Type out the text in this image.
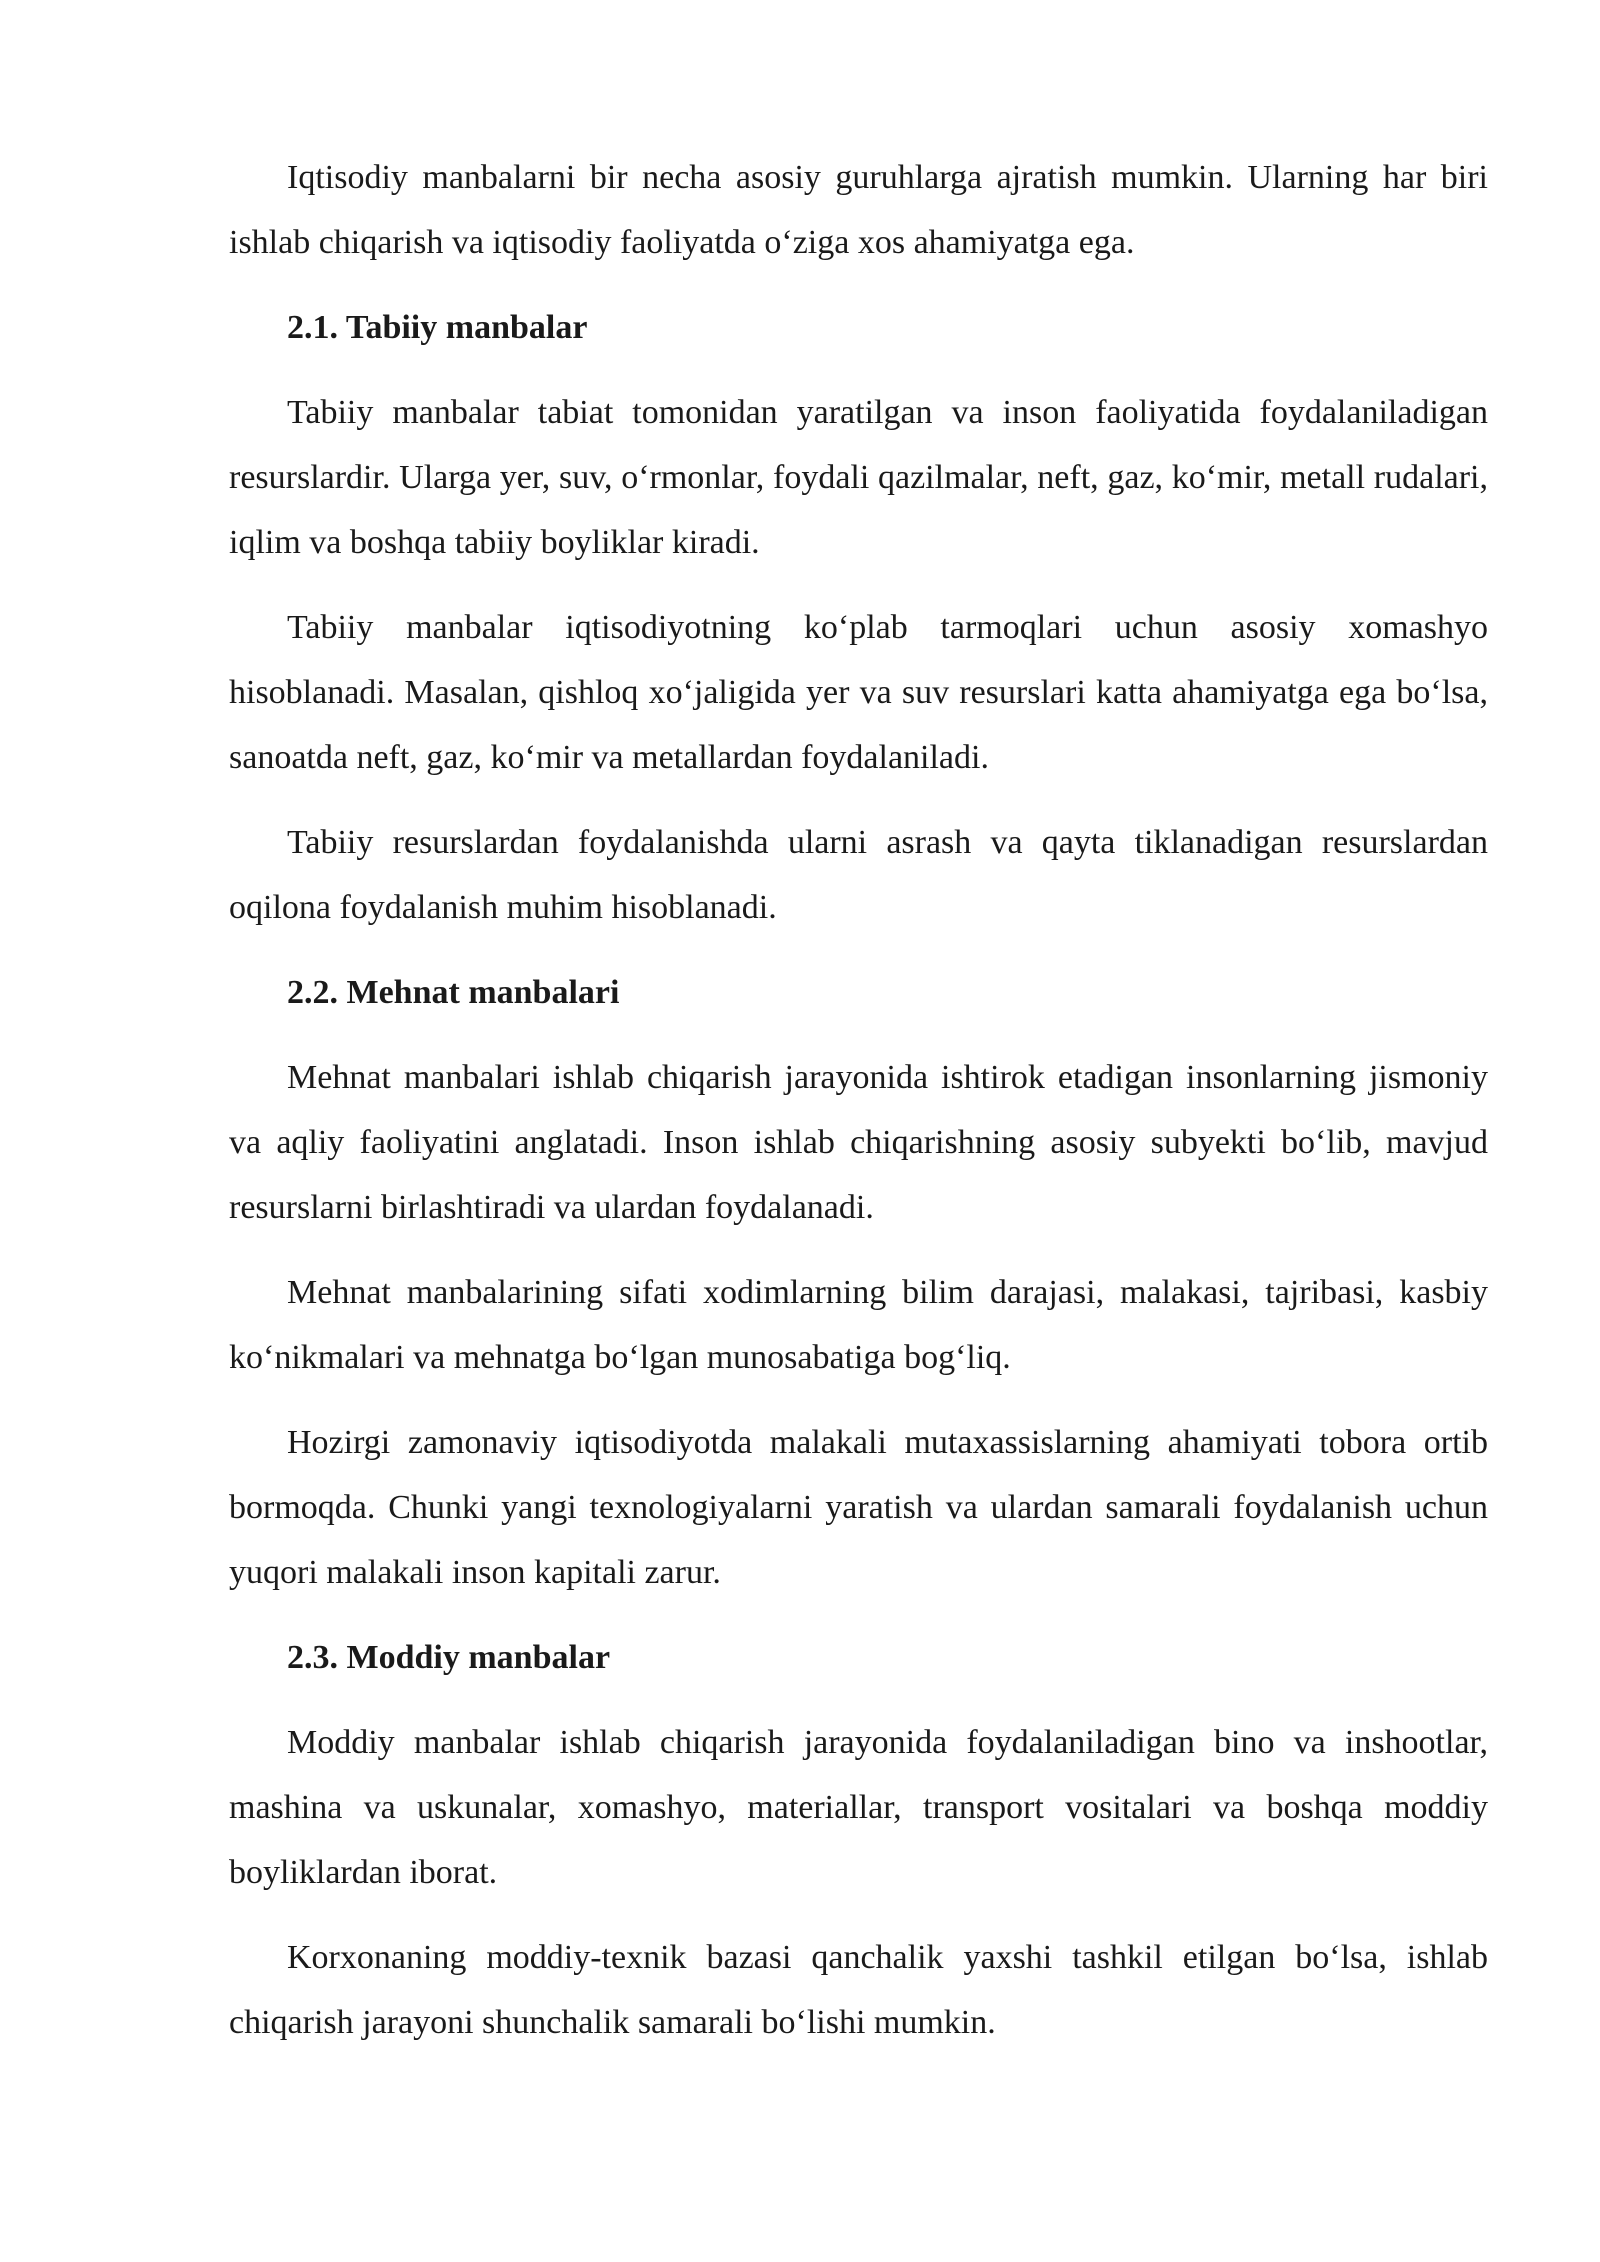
Iqtisodiy manbalarni bir necha asosiy guruhlarga ajratish mumkin. Ularning har biri ishlab chiqarish va iqtisodiy faoliyatda o‘ziga xos ahamiyatga ega.

2.1. Tabiiy manbalar

Tabiiy manbalar tabiat tomonidan yaratilgan va inson faoliyatida foydalaniladigan resurslardir. Ularga yer, suv, o‘rmonlar, foydali qazilmalar, neft, gaz, ko‘mir, metall rudalari, iqlim va boshqa tabiiy boyliklar kiradi.

Tabiiy manbalar iqtisodiyotning ko‘plab tarmoqlari uchun asosiy xomashyo hisoblanadi. Masalan, qishloq xo‘jaligida yer va suv resurslari katta ahamiyatga ega bo‘lsa, sanoatda neft, gaz, ko‘mir va metallardan foydalaniladi.

Tabiiy resurslardan foydalanishda ularni asrash va qayta tiklanadigan resurslardan oqilona foydalanish muhim hisoblanadi.

2.2. Mehnat manbalari

Mehnat manbalari ishlab chiqarish jarayonida ishtirok etadigan insonlarning jismoniy va aqliy faoliyatini anglatadi. Inson ishlab chiqarishning asosiy subyekti bo‘lib, mavjud resurslarni birlashtiradi va ulardan foydalanadi.

Mehnat manbalarining sifati xodimlarning bilim darajasi, malakasi, tajribasi, kasbiy ko‘nikmalari va mehnatga bo‘lgan munosabatiga bog‘liq.

Hozirgi zamonaviy iqtisodiyotda malakali mutaxassislarning ahamiyati tobora ortib bormoqda. Chunki yangi texnologiyalarni yaratish va ulardan samarali foydalanish uchun yuqori malakali inson kapitali zarur.

2.3. Moddiy manbalar

Moddiy manbalar ishlab chiqarish jarayonida foydalaniladigan bino va inshootlar, mashina va uskunalar, xomashyo, materiallar, transport vositalari va boshqa moddiy boyliklardan iborat.

Korxonaning moddiy-texnik bazasi qanchalik yaxshi tashkil etilgan bo‘lsa, ishlab chiqarish jarayoni shunchalik samarali bo‘lishi mumkin.
